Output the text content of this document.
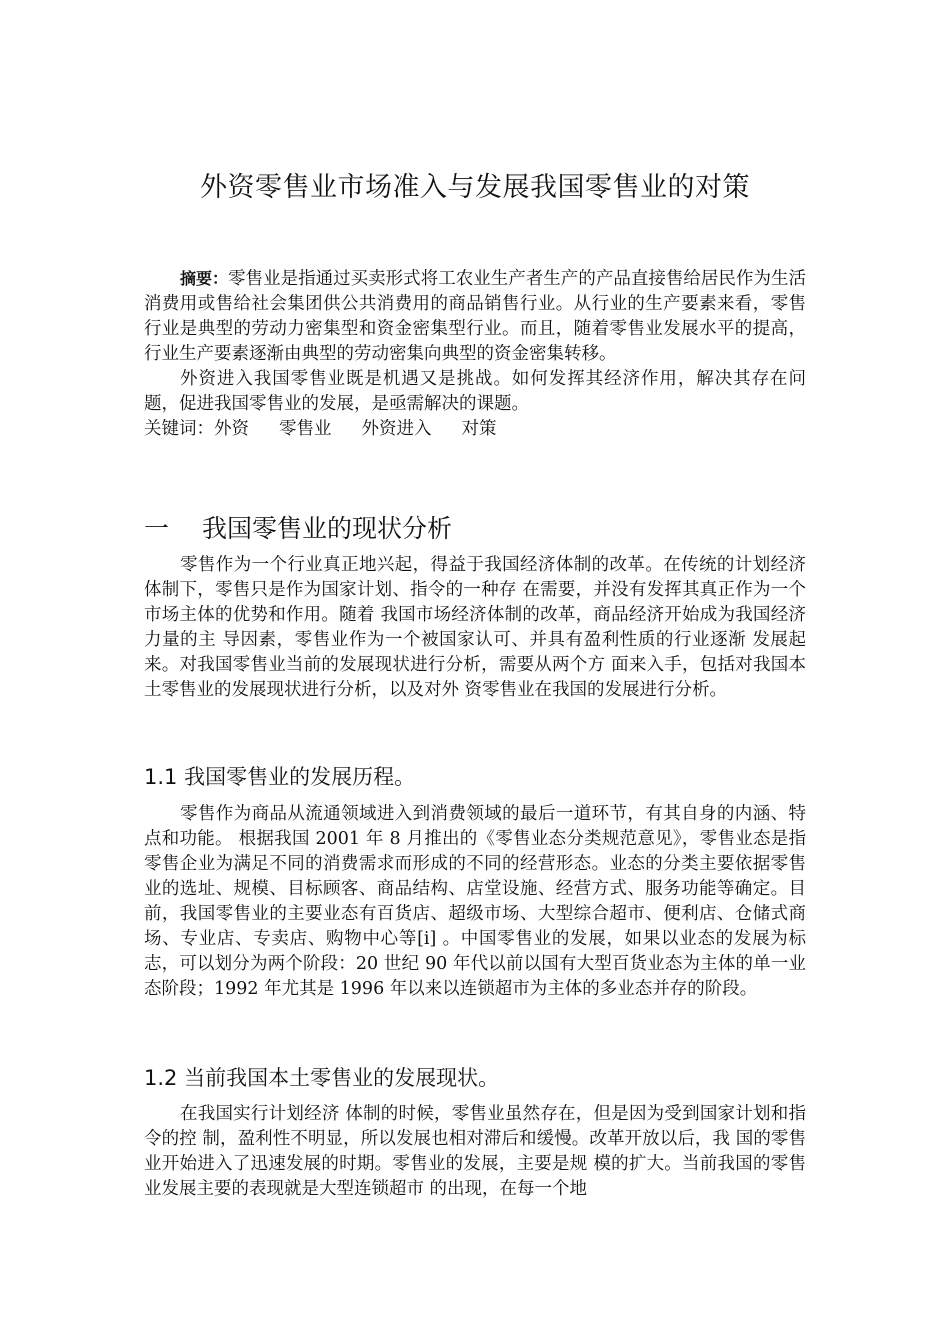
外资零售业市场准入与发展我国零售业的对策

摘要：零售业是指通过买卖形式将工农业生产者生产的产品直接售给居民作为生活消费用或售给社会集团供公共消费用的商品销售行业。从行业的生产要素来看，零售行业是典型的劳动力密集型和资金密集型行业。而且，随着零售业发展水平的提高，行业生产要素逐渐由典型的劳动密集向典型的资金密集转移。

外资进入我国零售业既是机遇又是挑战。如何发挥其经济作用，解决其存在问题，促进我国零售业的发展，是亟需解决的课题。

关键词：外资 零售业 外资进入 对策

一 我国零售业的现状分析

零售作为一个行业真正地兴起，得益于我国经济体制的改革。在传统的计划经济体制下，零售只是作为国家计划、指令的一种存 在需要，并没有发挥其真正作为一个市场主体的优势和作用。随着 我国市场经济体制的改革，商品经济开始成为我国经济力量的主 导因素，零售业作为一个被国家认可、并具有盈利性质的行业逐渐 发展起来。对我国零售业当前的发展现状进行分析，需要从两个方 面来入手，包括对我国本土零售业的发展现状进行分析，以及对外 资零售业在我国的发展进行分析。

1.1 我国零售业的发展历程。

零售作为商品从流通领域进入到消费领域的最后一道环节，有其自身的内涵、特点和功能。 根据我国 2001 年 8 月推出的《零售业态分类规范意见》，零售业态是指零售企业为满足不同的消费需求而形成的不同的经营形态。业态的分类主要依据零售业的选址、规模、目标顾客、商品结构、店堂设施、经营方式、服务功能等确定。目前，我国零售业的主要业态有百货店、超级市场、大型综合超市、便利店、仓储式商场、专业店、专卖店、购物中心等[i] 。中国零售业的发展，如果以业态的发展为标志，可以划分为两个阶段：20 世纪 90 年代以前以国有大型百货业态为主体的单一业态阶段；1992 年尤其是 1996 年以来以连锁超市为主体的多业态并存的阶段。

1.2 当前我国本土零售业的发展现状。

在我国实行计划经济 体制的时候，零售业虽然存在，但是因为受到国家计划和指令的控 制，盈利性不明显，所以发展也相对滞后和缓慢。改革开放以后，我 国的零售业开始进入了迅速发展的时期。零售业的发展，主要是规 模的扩大。当前我国的零售业发展主要的表现就是大型连锁超市 的出现，在每一个地
